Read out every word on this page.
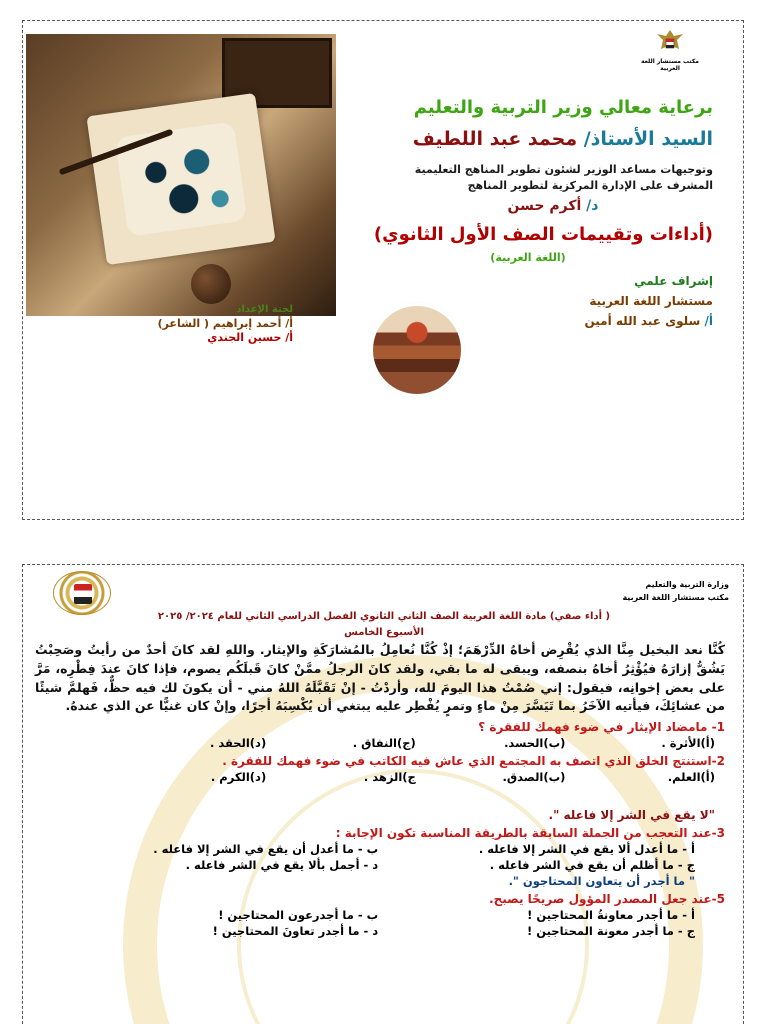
لجنة الإعداد
أ/ أحمد إبراهيم ( الشاعر)
أ/ حسين الجندي
مكتب مستشار اللغة العربية
برعاية معالي وزير التربية والتعليم
السيد الأستاذ/ محمد عبد اللطيف
وتوجيهات مساعد الوزير لشئون تطوير المناهج التعليمية
المشرف على الإدارة المركزية لتطوير المناهج
د/ أكرم حسن
(أداءات وتقييمات الصف الأول الثانوي)
(اللغة العربية)
إشراف علمي
مستشار اللغة العربية
أ/ سلوى عبد الله أمين
وزارة التربية والتعليم
مكتب مستشار اللغة العربية
( أداء صفي) مادة اللغة العربية الصف الثاني الثانوي الفصل الدراسي الثاني للعام ٢٠٢٤/ ٢٠٢٥
الأسبوع الخامس

كُنَّا نعد البخيل مِنَّا الذي يُقْرِض أخاهُ الدِّرْهَمَ؛ إذْ كُنَّا نُعامِلُ بالمُشارَكَةِ والإيثار. واللهِ لقد كانَ أحدٌ من رأيتُ وصَحِبْتُ يَشُقُّ إزارَهُ فيُؤْثِرُ أخاهُ بنصفه، ويبقى له ما بقي، ولقد كانَ الرجلُ ممَّنْ كانَ قَبلَكُم يصوم، فإذا كانَ عندَ فِطْرِه، مَرَّ على بعض إخوانِه، فيقول: إني صُمْتُ هذا اليومَ لله، وأردْتُ - إنْ تَقَبَّلَهُ اللهُ مني - أن يكونَ لك فيه حظٌّ، فَهلمَّ شيئًا من عشائِكَ، فيأتيه الآخَرُ بما تَيَسَّرَ مِنْ ماءٍ وتمرٍ يُفْطِر عليه يبتغي أن يُكْسِبَهُ أجرًا، وإنْ كان غنيًّا عن الذي عندهُ.

1- مامضاد الإيثار في ضوء فهمك للفقرة ؟
(أ)الأثرة .
(ب)الحسد.
(ج)النفاق .
(د)الحقد .
2-استنتج الخلق الذي اتصف به المجتمع الذي عاش فيه الكاتب في ضوء فهمك للفقرة .
(أ)العلم.
(ب)الصدق.
ج)الزهد .
(د)الكرم .
"لا يقع في الشر إلا فاعله ".
3-عند التعجب من الجملة السابقة بالطريقة المناسبة تكون الإجابة :
أ - ما أعدل ألا يقع في الشر إلا فاعله .
ب - ما أعدل أن يقع في الشر إلا فاعله .
ج - ما أظلم أن يقع في الشر فاعله .
د - أجمل بألا يقع في الشر فاعله .
" ما أجدر أن يتعاون المحتاجون ".
5-عند جعل المصدر المؤول صريحًا يصبح.
أ - ما أجدر معاونةُ المحتاجين !
ب - ما أجدرعون المحتاجين !
ج - ما أجدر معونة المحتاجين !
د - ما أجدر تعاونَ المحتاجين !
